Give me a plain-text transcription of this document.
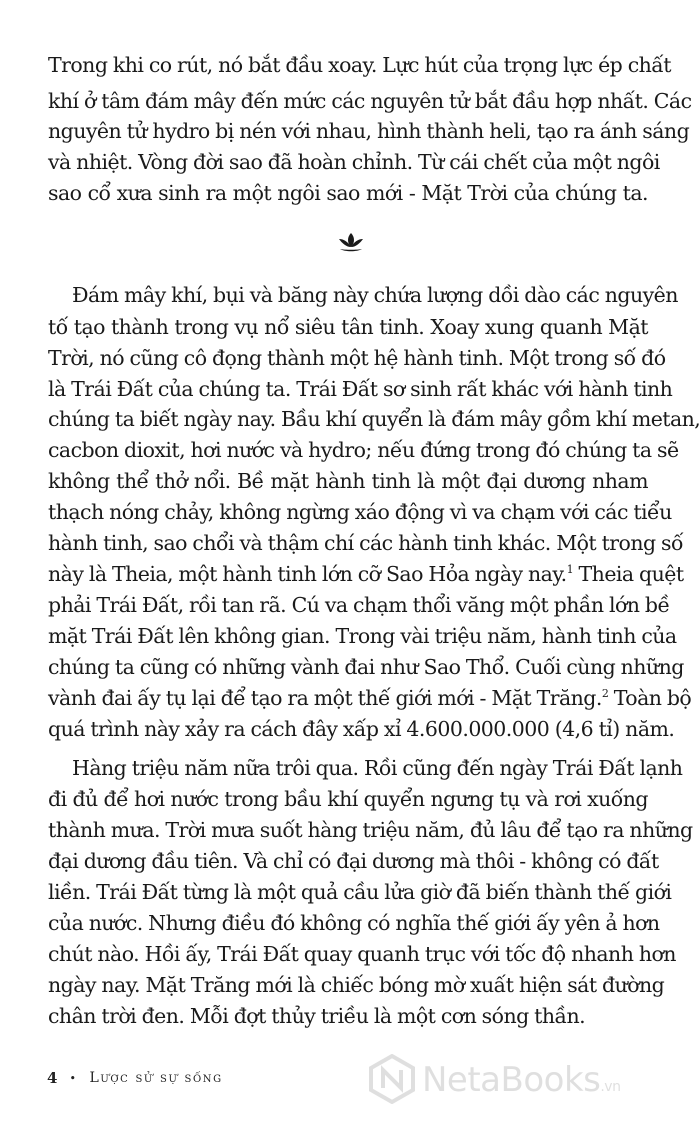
Trong khi co rút, nó bắt đầu xoay. Lực hút của trọng lực ép chất
khí ở tâm đám mây đến mức các nguyên tử bắt đầu hợp nhất. Các
nguyên tử hydro bị nén với nhau, hình thành heli, tạo ra ánh sáng
và nhiệt. Vòng đời sao đã hoàn chỉnh. Từ cái chết của một ngôi
sao cổ xưa sinh ra một ngôi sao mới - Mặt Trời của chúng ta.
Đám mây khí, bụi và băng này chứa lượng dồi dào các nguyên
tố tạo thành trong vụ nổ siêu tân tinh. Xoay xung quanh Mặt
Trời, nó cũng cô đọng thành một hệ hành tinh. Một trong số đó
là Trái Đất của chúng ta. Trái Đất sơ sinh rất khác với hành tinh
chúng ta biết ngày nay. Bầu khí quyển là đám mây gồm khí metan,
cacbon dioxit, hơi nước và hydro; nếu đứng trong đó chúng ta sẽ
không thể thở nổi. Bề mặt hành tinh là một đại dương nham
thạch nóng chảy, không ngừng xáo động vì va chạm với các tiểu
hành tinh, sao chổi và thậm chí các hành tinh khác. Một trong số
này là Theia, một hành tinh lớn cỡ Sao Hỏa ngày nay.$^1$ Theia quệt
phải Trái Đất, rồi tan rã. Cú va chạm thổi văng một phần lớn bề
mặt Trái Đất lên không gian. Trong vài triệu năm, hành tinh của
chúng ta cũng có những vành đai như Sao Thổ. Cuối cùng những
vành đai ấy tụ lại để tạo ra một thế giới mới - Mặt Trăng.$^2$ Toàn bộ
quá trình này xảy ra cách đây xấp xỉ 4.600.000.000 (4,6 tỉ) năm.
Hàng triệu năm nữa trôi qua. Rồi cũng đến ngày Trái Đất lạnh
đi đủ để hơi nước trong bầu khí quyển ngưng tụ và rơi xuống
thành mưa. Trời mưa suốt hàng triệu năm, đủ lâu để tạo ra những
đại dương đầu tiên. Và chỉ có đại dương mà thôi - không có đất
liền. Trái Đất từng là một quả cầu lửa giờ đã biến thành thế giới
của nước. Nhưng điều đó không có nghĩa thế giới ấy yên ả hơn
chút nào. Hồi ấy, Trái Đất quay quanh trục với tốc độ nhanh hơn
ngày nay. Mặt Trăng mới là chiếc bóng mờ xuất hiện sát đường
chân trời đen. Mỗi đợt thủy triều là một cơn sóng thần.
4 • Lược sử sự sống	NetaBooks.vn
